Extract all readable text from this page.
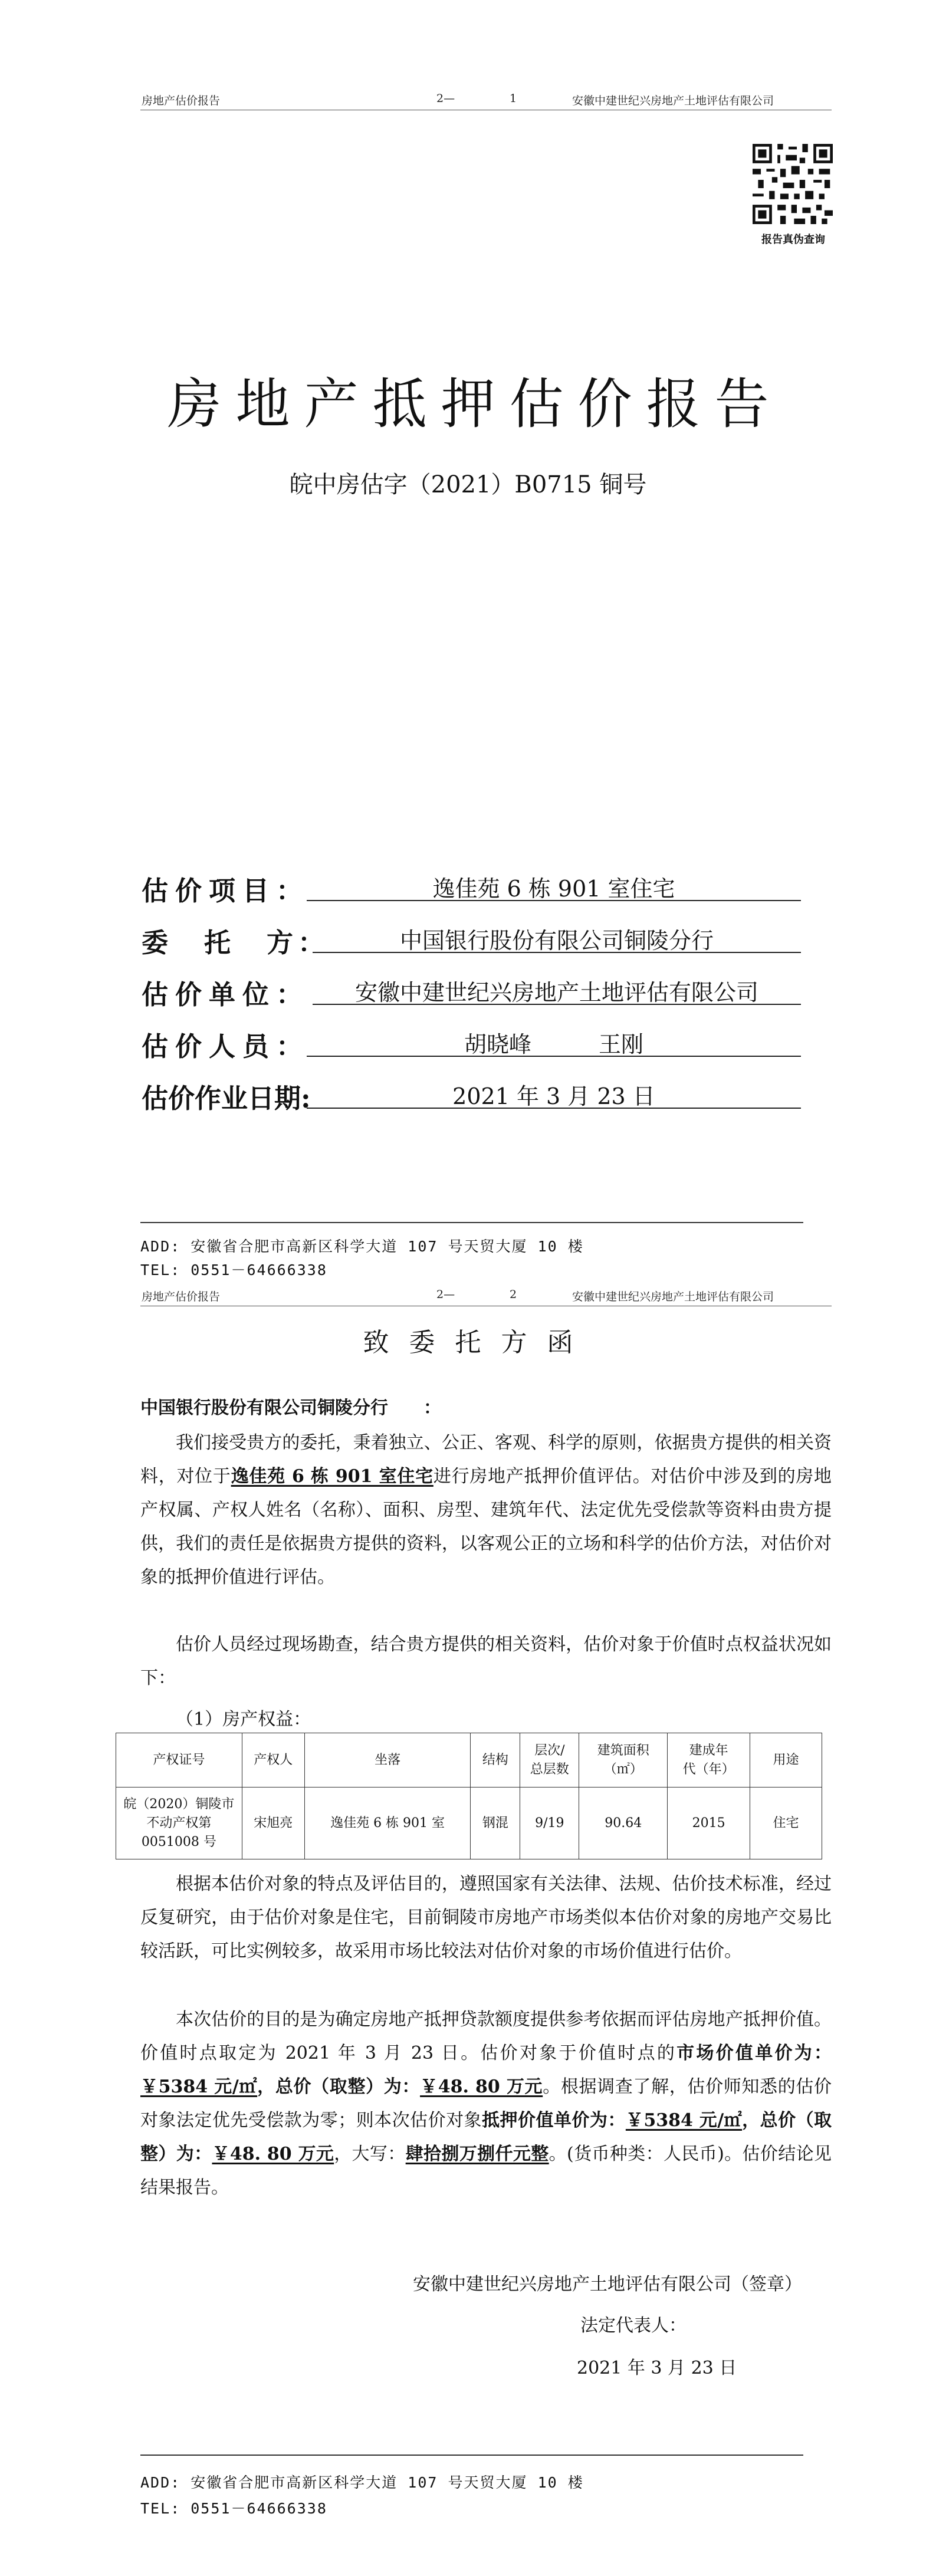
房地产估价报告	2—	1	安徽中建世纪兴房地产土地评估有限公司
报告真伪查询
房地产抵押估价报告
皖中房估字（2021）B0715 铜号
估价项目：	逸佳苑 6 栋 901 室住宅
委　托　方：	中国银行股份有限公司铜陵分行
估价单位：	安徽中建世纪兴房地产土地评估有限公司
估价人员：	胡晓峰　　　王刚
估价作业日期:	2021 年 3 月 23 日
ADD: 安徽省合肥市高新区科学大道 107 号天贸大厦 10 楼
TEL: 0551－64666338
房地产估价报告	2—	2	安徽中建世纪兴房地产土地评估有限公司
致委托方函
中国银行股份有限公司铜陵分行　　：
我们接受贵方的委托，秉着独立、公正、客观、科学的原则，依据贵方提供的相关资料，对位于逸佳苑 6 栋 901 室住宅进行房地产抵押价值评估。对估价中涉及到的房地产权属、产权人姓名（名称）、面积、房型、建筑年代、法定优先受偿款等资料由贵方提供，我们的责任是依据贵方提供的资料，以客观公正的立场和科学的估价方法，对估价对象的抵押价值进行评估。
估价人员经过现场勘查，结合贵方提供的相关资料，估价对象于价值时点权益状况如下：
（1）房产权益：
产权证号	产权人	坐落	结构	层次/
总层数	建筑面积
（㎡）	建成年
代（年）	用途
皖（2020）铜陵市
不动产权第
0051008 号	宋旭亮	逸佳苑 6 栋 901 室	钢混	9/19	90.64	2015	住宅
根据本估价对象的特点及评估目的，遵照国家有关法律、法规、估价技术标准，经过反复研究，由于估价对象是住宅，目前铜陵市房地产市场类似本估价对象的房地产交易比较活跃，可比实例较多，故采用市场比较法对估价对象的市场价值进行估价。
本次估价的目的是为确定房地产抵押贷款额度提供参考依据而评估房地产抵押价值。价值时点取定为 2021 年 3 月 23 日。估价对象于价值时点的市场价值单价为：￥5384 元/㎡，总价（取整）为：￥48. 80 万元。根据调查了解，估价师知悉的估价对象法定优先受偿款为零；则本次估价对象抵押价值单价为：￥5384 元/㎡，总价（取整）为：￥48. 80 万元，大写：肆拾捌万捌仟元整。(货币种类：人民币)。估价结论见结果报告。
安徽中建世纪兴房地产土地评估有限公司（签章）
法定代表人：
2021 年 3 月 23 日
ADD: 安徽省合肥市高新区科学大道 107 号天贸大厦 10 楼
TEL: 0551－64666338
